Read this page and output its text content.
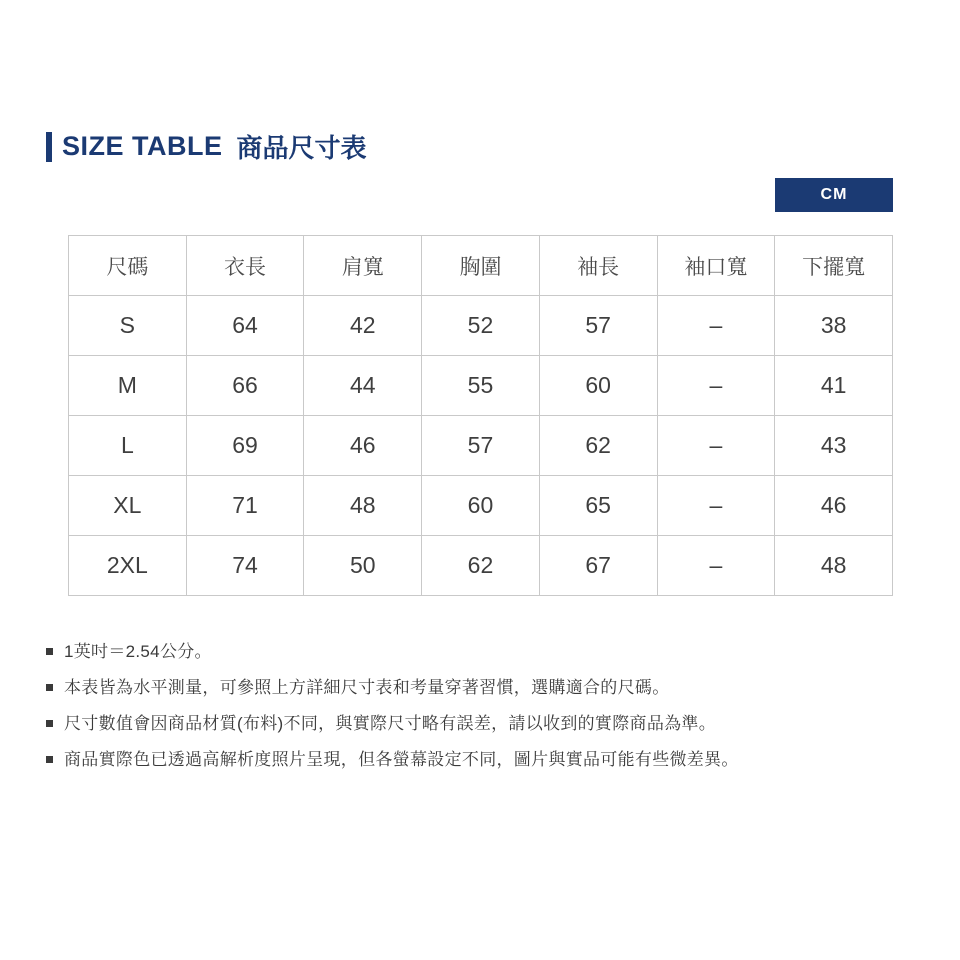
SIZE TABLE 商品尺寸表
CM
尺碼	衣長	肩寬	胸圍	袖長	袖口寬	下擺寬
S	64	42	52	57	–	38
M	66	44	55	60	–	41
L	69	46	57	62	–	43
XL	71	48	60	65	–	46
2XL	74	50	62	67	–	48
1英吋＝2.54公分。
本表皆為水平測量，可參照上方詳細尺寸表和考量穿著習慣，選購適合的尺碼。
尺寸數值會因商品材質(布料)不同，與實際尺寸略有誤差，請以收到的實際商品為準。
商品實際色已透過高解析度照片呈現，但各螢幕設定不同，圖片與實品可能有些微差異。
